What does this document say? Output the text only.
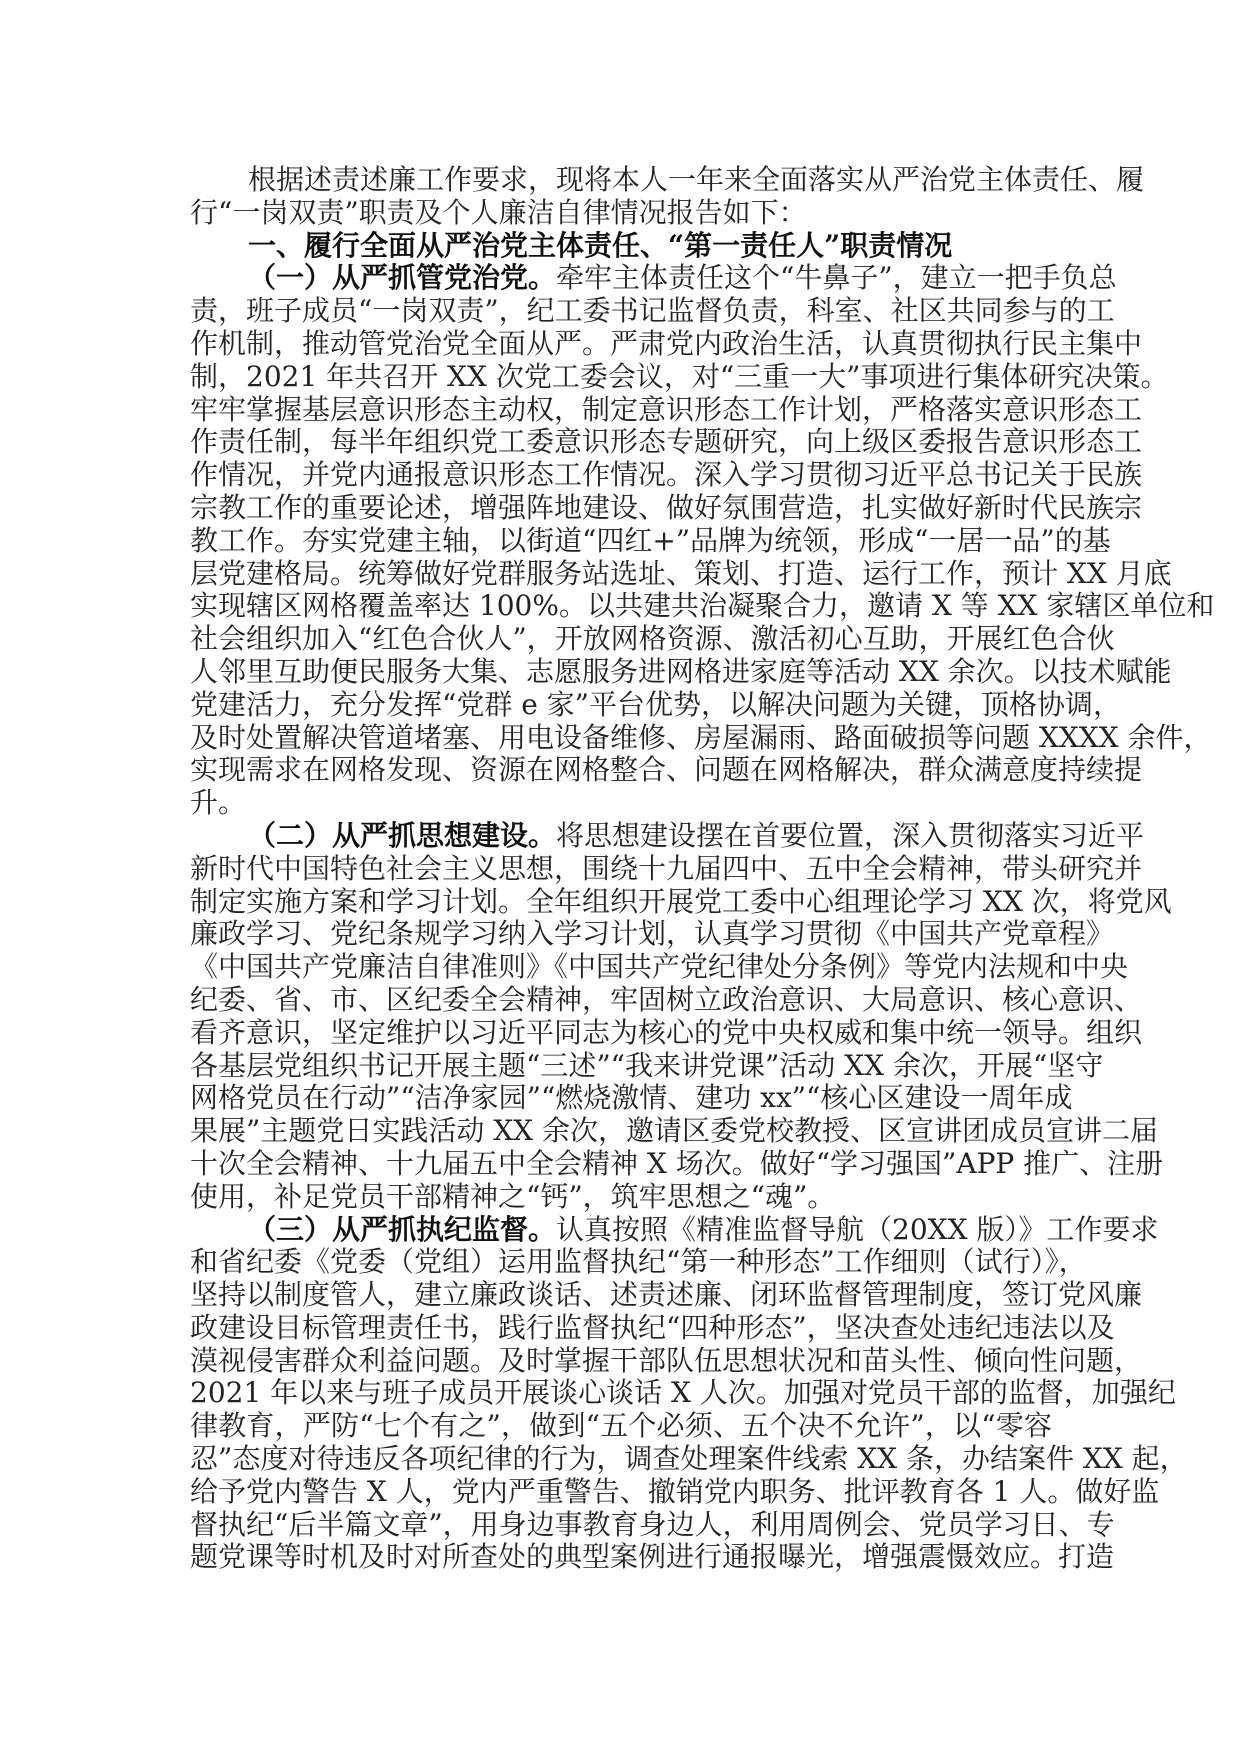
根据述责述廉工作要求，现将本人一年来全面落实从严治党主体责任、履
行“一岗双责”职责及个人廉洁自律情况报告如下：
一、履行全面从严治党主体责任、“第一责任人”职责情况
（一）从严抓管党治党。牵牢主体责任这个“牛鼻子”，建立一把手负总
责，班子成员“一岗双责”，纪工委书记监督负责，科室、社区共同参与的工
作机制，推动管党治党全面从严。严肃党内政治生活，认真贯彻执行民主集中
制，2021 年共召开 XX 次党工委会议，对“三重一大”事项进行集体研究决策。
牢牢掌握基层意识形态主动权，制定意识形态工作计划，严格落实意识形态工
作责任制，每半年组织党工委意识形态专题研究，向上级区委报告意识形态工
作情况，并党内通报意识形态工作情况。深入学习贯彻习近平总书记关于民族
宗教工作的重要论述，增强阵地建设、做好氛围营造，扎实做好新时代民族宗
教工作。夯实党建主轴，以街道“四红+”品牌为统领，形成“一居一品”的基
层党建格局。统筹做好党群服务站选址、策划、打造、运行工作，预计 XX 月底
实现辖区网格覆盖率达 100%。以共建共治凝聚合力，邀请 X 等 XX 家辖区单位和
社会组织加入“红色合伙人”，开放网格资源、激活初心互助，开展红色合伙
人邻里互助便民服务大集、志愿服务进网格进家庭等活动 XX 余次。以技术赋能
党建活力，充分发挥“党群 e 家”平台优势，以解决问题为关键，顶格协调，
及时处置解决管道堵塞、用电设备维修、房屋漏雨、路面破损等问题 XXXX 余件，
实现需求在网格发现、资源在网格整合、问题在网格解决，群众满意度持续提
升。
（二）从严抓思想建设。将思想建设摆在首要位置，深入贯彻落实习近平
新时代中国特色社会主义思想，围绕十九届四中、五中全会精神，带头研究并
制定实施方案和学习计划。全年组织开展党工委中心组理论学习 XX 次，将党风
廉政学习、党纪条规学习纳入学习计划，认真学习贯彻《中国共产党章程》
《中国共产党廉洁自律准则》《中国共产党纪律处分条例》等党内法规和中央
纪委、省、市、区纪委全会精神，牢固树立政治意识、大局意识、核心意识、
看齐意识，坚定维护以习近平同志为核心的党中央权威和集中统一领导。组织
各基层党组织书记开展主题“三述”“我来讲党课”活动 XX 余次，开展“坚守
网格党员在行动”“洁净家园”“燃烧激情、建功 xx”“核心区建设一周年成
果展”主题党日实践活动 XX 余次，邀请区委党校教授、区宣讲团成员宣讲二届
十次全会精神、十九届五中全会精神 X 场次。做好“学习强国”APP 推广、注册
使用，补足党员干部精神之“钙”，筑牢思想之“魂”。
（三）从严抓执纪监督。认真按照《精准监督导航（20XX 版）》工作要求
和省纪委《党委（党组）运用监督执纪“第一种形态”工作细则（试行）》，
坚持以制度管人，建立廉政谈话、述责述廉、闭环监督管理制度，签订党风廉
政建设目标管理责任书，践行监督执纪“四种形态”，坚决查处违纪违法以及
漠视侵害群众利益问题。及时掌握干部队伍思想状况和苗头性、倾向性问题，
2021 年以来与班子成员开展谈心谈话 X 人次。加强对党员干部的监督，加强纪
律教育，严防“七个有之”，做到“五个必须、五个决不允许”，以“零容
忍”态度对待违反各项纪律的行为，调查处理案件线索 XX 条，办结案件 XX 起，
给予党内警告 X 人，党内严重警告、撤销党内职务、批评教育各 1 人。做好监
督执纪“后半篇文章”，用身边事教育身边人，利用周例会、党员学习日、专
题党课等时机及时对所查处的典型案例进行通报曝光，增强震慑效应。打造
